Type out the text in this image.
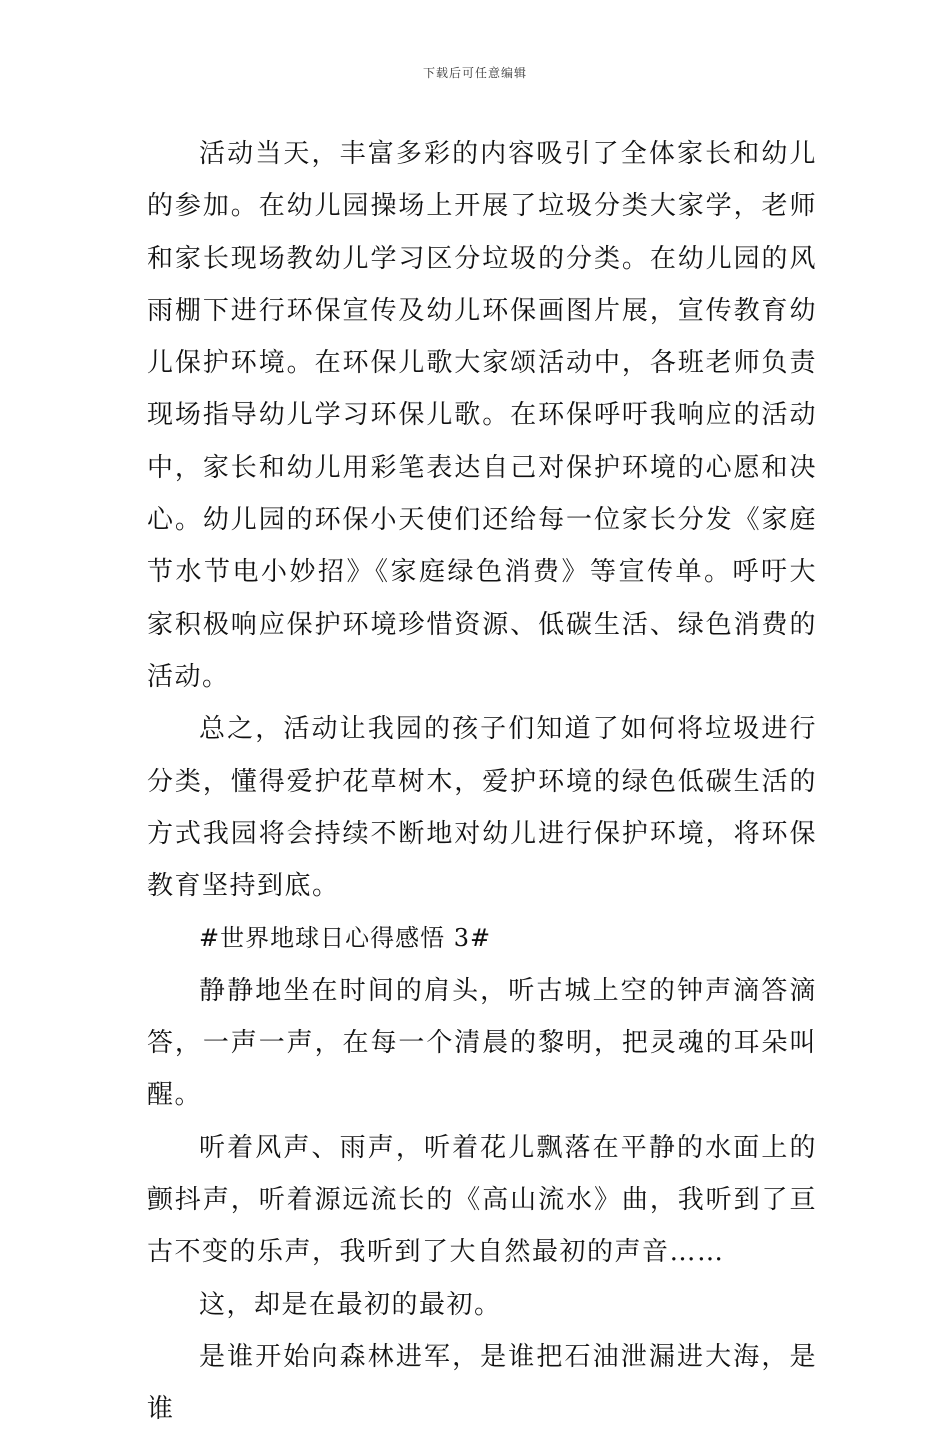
下载后可任意编辑

活动当天，丰富多彩的内容吸引了全体家长和幼儿的参加。在幼儿园操场上开展了垃圾分类大家学，老师和家长现场教幼儿学习区分垃圾的分类。在幼儿园的风雨棚下进行环保宣传及幼儿环保画图片展，宣传教育幼儿保护环境。在环保儿歌大家颂活动中，各班老师负责现场指导幼儿学习环保儿歌。在环保呼吁我响应的活动中，家长和幼儿用彩笔表达自己对保护环境的心愿和决心。幼儿园的环保小天使们还给每一位家长分发《家庭节水节电小妙招》《家庭绿色消费》等宣传单。呼吁大家积极响应保护环境珍惜资源、低碳生活、绿色消费的活动。

总之，活动让我园的孩子们知道了如何将垃圾进行分类，懂得爱护花草树木，爱护环境的绿色低碳生活的方式我园将会持续不断地对幼儿进行保护环境，将环保教育坚持到底。

#世界地球日心得感悟 3#

静静地坐在时间的肩头，听古城上空的钟声滴答滴答，一声一声，在每一个清晨的黎明，把灵魂的耳朵叫醒。

听着风声、雨声，听着花儿飘落在平静的水面上的颤抖声，听着源远流长的《高山流水》曲，我听到了亘古不变的乐声，我听到了大自然最初的声音……

这，却是在最初的最初。

是谁开始向森林进军，是谁把石油泄漏进大海，是谁
